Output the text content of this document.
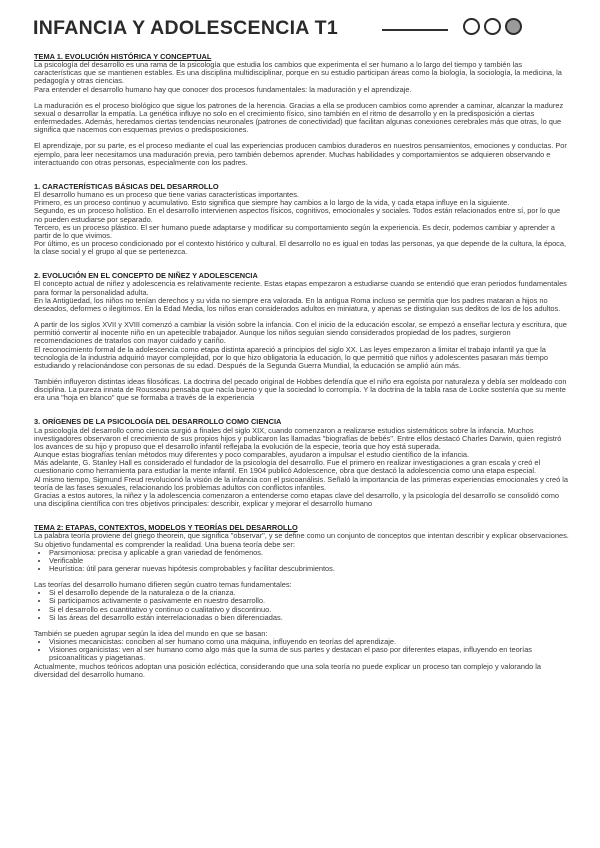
INFANCIA Y ADOLESCENCIA T1

TEMA 1. EVOLUCIÓN HISTÓRICA Y CONCEPTUAL

La psicología del desarrollo es una rama de la psicología que estudia los cambios que experimenta el ser humano a lo largo del tiempo y también las características que se mantienen estables. Es una disciplina multidisciplinar, porque en su estudio participan áreas como la biología, la sociología, la medicina, la pedagogía y otras ciencias.

Para entender el desarrollo humano hay que conocer dos procesos fundamentales: la maduración y el aprendizaje.

La maduración es el proceso biológico que sigue los patrones de la herencia. Gracias a ella se producen cambios como aprender a caminar, alcanzar la madurez sexual o desarrollar la empatía. La genética influye no solo en el crecimiento físico, sino también en el ritmo de desarrollo y en la predisposición a ciertas enfermedades. Además, heredamos ciertas tendencias neuronales (patrones de conectividad) que facilitan algunas conexiones cerebrales más que otras, lo que significa que nacemos con esquemas previos o predisposiciones.

El aprendizaje, por su parte, es el proceso mediante el cual las experiencias producen cambios duraderos en nuestros pensamientos, emociones y conductas. Por ejemplo, para leer necesitamos una maduración previa, pero también debemos aprender. Muchas habilidades y comportamientos se adquieren observando e interactuando con otras personas, especialmente con los padres.

1. CARACTERÍSTICAS BÁSICAS DEL DESARROLLO

El desarrollo humano es un proceso que tiene varias características importantes.

Primero, es un proceso continuo y acumulativo. Esto significa que siempre hay cambios a lo largo de la vida, y cada etapa influye en la siguiente.

Segundo, es un proceso holístico. En el desarrollo intervienen aspectos físicos, cognitivos, emocionales y sociales. Todos están relacionados entre sí, por lo que no pueden estudiarse por separado.

Tercero, es un proceso plástico. El ser humano puede adaptarse y modificar su comportamiento según la experiencia. Es decir, podemos cambiar y aprender a partir de lo que vivimos.

Por último, es un proceso condicionado por el contexto histórico y cultural. El desarrollo no es igual en todas las personas, ya que depende de la cultura, la época, la clase social y el grupo al que se pertenezca.

2. EVOLUCIÓN EN EL CONCEPTO DE NIÑEZ Y ADOLESCENCIA

El concepto actual de niñez y adolescencia es relativamente reciente. Estas etapas empezaron a estudiarse cuando se entendió que eran periodos fundamentales para formar la personalidad adulta.

En la Antigüedad, los niños no tenían derechos y su vida no siempre era valorada. En la antigua Roma incluso se permitía que los padres mataran a hijos no deseados, deformes o ilegítimos. En la Edad Media, los niños eran considerados adultos en miniatura, y apenas se distinguían sus deditos de los de los adultos.

A partir de los siglos XVII y XVIII comenzó a cambiar la visión sobre la infancia. Con el inicio de la educación escolar, se empezó a enseñar lectura y escritura, que permitió convertir al inocente niño en un apetecible trabajador. Aunque los niños seguían siendo considerados propiedad de los padres, surgieron recomendaciones de tratarlos con mayor cuidado y cariño.

El reconocimiento formal de la adolescencia como etapa distinta apareció a principios del siglo XX. Las leyes empezaron a limitar el trabajo infantil ya que la tecnología de la industria adquirió mayor complejidad, por lo que hizo obligatoria la educación, lo que permitió que niños y adolescentes pasaran más tiempo estudiando y relacionándose con personas de su edad. Después de la Segunda Guerra Mundial, la educación se amplió aún más.

También influyeron distintas ideas filosóficas. La doctrina del pecado original de Hobbes defendía que el niño era egoísta por naturaleza y debía ser moldeado con disciplina. La pureza innata de Rousseau pensaba que nacía bueno y que la sociedad lo corrompía. Y la doctrina de la tabla rasa de Locke sostenía que su mente era una "hoja en blanco" que se formaba a través de la experiencia

3. ORÍGENES DE LA PSICOLOGÍA DEL DESARROLLO COMO CIENCIA

La psicología del desarrollo como ciencia surgió a finales del siglo XIX, cuando comenzaron a realizarse estudios sistemáticos sobre la infancia. Muchos investigadores observaron el crecimiento de sus propios hijos y publicaron las llamadas "biografías de bebés". Entre ellos destacó Charles Darwin, quien registró los avances de su hijo y propuso que el desarrollo infantil reflejaba la evolución de la especie, teoría que hoy está superada.

Aunque estas biografías tenían métodos muy diferentes y poco comparables, ayudaron a impulsar el estudio científico de la infancia.

Más adelante, G. Stanley Hall es considerado el fundador de la psicología del desarrollo. Fue el primero en realizar investigaciones a gran escala y creó el cuestionario como herramienta para estudiar la mente infantil. En 1904 publicó Adolescence, obra que destacó la adolescencia como una etapa especial.

Al mismo tiempo, Sigmund Freud revolucionó la visión de la infancia con el psicoanálisis. Señaló la importancia de las primeras experiencias emocionales y creó la teoría de las fases sexuales, relacionando los problemas adultos con conflictos infantiles.

Gracias a estos autores, la niñez y la adolescencia comenzaron a entenderse como etapas clave del desarrollo, y la psicología del desarrollo se consolidó como una disciplina científica con tres objetivos principales: describir, explicar y mejorar el desarrollo humano

TEMA 2: ETAPAS, CONTEXTOS, MODELOS Y TEORÍAS DEL DESARROLLO

La palabra teoría proviene del griego theorein, que significa "observar", y se define como un conjunto de conceptos que intentan describir y explicar observaciones. Su objetivo fundamental es comprender la realidad. Una buena teoría debe ser:

• Parsimoniosa: precisa y aplicable a gran variedad de fenómenos.
• Verificable
• Heurística: útil para generar nuevas hipótesis comprobables y facilitar descubrimientos.

Las teorías del desarrollo humano difieren según cuatro temas fundamentales:

• Si el desarrollo depende de la naturaleza o de la crianza.
• Si participamos activamente o pasivamente en nuestro desarrollo.
• Si el desarrollo es cuantitativo y continuo o cualitativo y discontinuo.
• Si las áreas del desarrollo están interrelacionadas o bien diferenciadas.

También se pueden agrupar según la idea del mundo en que se basan:

• Visiones mecanicistas: conciben al ser humano como una máquina, influyendo en teorías del aprendizaje.
• Visiones organicistas: ven al ser humano como algo más que la suma de sus partes y destacan el paso por diferentes etapas, influyendo en teorías psicoanalíticas y piagetianas.

Actualmente, muchos teóricos adoptan una posición ecléctica, considerando que una sola teoría no puede explicar un proceso tan complejo y valorando la diversidad del desarrollo humano.
